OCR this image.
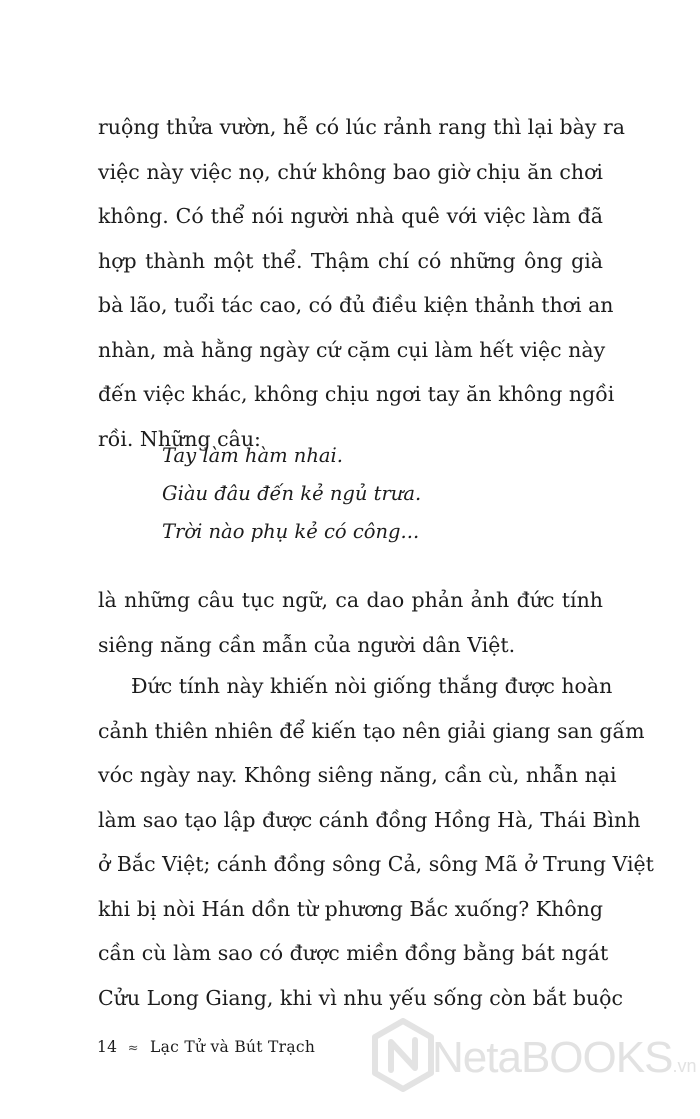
ruộng thửa vườn, hễ có lúc rảnh rang thì lại bày ra
việc này việc nọ, chứ không bao giờ chịu ăn chơi
không. Có thể nói người nhà quê với việc làm đã
hợp thành một thể. Thậm chí có những ông già
bà lão, tuổi tác cao, có đủ điều kiện thảnh thơi an
nhàn, mà hằng ngày cứ cặm cụi làm hết việc này
đến việc khác, không chịu ngơi tay ăn không ngồi
rồi. Những câu:
Tay làm hàm nhai.
Giàu đâu đến kẻ ngủ trưa.
Trời nào phụ kẻ có công...
là những câu tục ngữ, ca dao phản ảnh đức tính
siêng năng cần mẫn của người dân Việt.
Đức tính này khiến nòi giống thắng được hoàn
cảnh thiên nhiên để kiến tạo nên giải giang san gấm
vóc ngày nay. Không siêng năng, cần cù, nhẫn nại
làm sao tạo lập được cánh đồng Hồng Hà, Thái Bình
ở Bắc Việt; cánh đồng sông Cả, sông Mã ở Trung Việt
khi bị nòi Hán dồn từ phương Bắc xuống? Không
cần cù làm sao có được miền đồng bằng bát ngát
Cửu Long Giang, khi vì nhu yếu sống còn bắt buộc
14 ≈ Lạc Tử và Bút Trạch	NetaBOOKS.vn
